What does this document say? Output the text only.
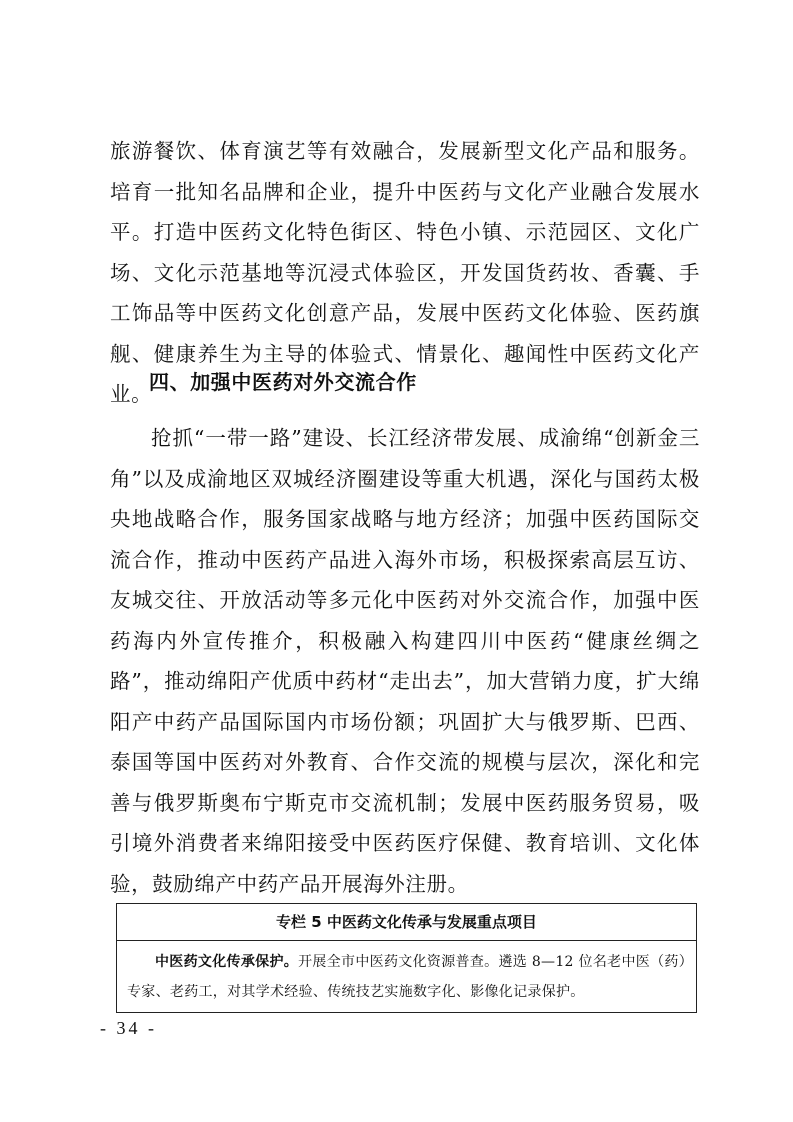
旅游餐饮、体育演艺等有效融合，发展新型文化产品和服务。培育一批知名品牌和企业，提升中医药与文化产业融合发展水平。打造中医药文化特色街区、特色小镇、示范园区、文化广场、文化示范基地等沉浸式体验区，开发国货药妆、香囊、手工饰品等中医药文化创意产品，发展中医药文化体验、医药旗舰、健康养生为主导的体验式、情景化、趣闻性中医药文化产业。

四、加强中医药对外交流合作

抢抓“一带一路”建设、长江经济带发展、成渝绵“创新金三角”以及成渝地区双城经济圈建设等重大机遇，深化与国药太极央地战略合作，服务国家战略与地方经济；加强中医药国际交流合作，推动中医药产品进入海外市场，积极探索高层互访、友城交往、开放活动等多元化中医药对外交流合作，加强中医药海内外宣传推介，积极融入构建四川中医药“健康丝绸之路”，推动绵阳产优质中药材“走出去”，加大营销力度，扩大绵阳产中药产品国际国内市场份额；巩固扩大与俄罗斯、巴西、泰国等国中医药对外教育、合作交流的规模与层次，深化和完善与俄罗斯奥布宁斯克市交流机制；发展中医药服务贸易，吸引境外消费者来绵阳接受中医药医疗保健、教育培训、文化体验，鼓励绵产中药产品开展海外注册。

专栏 5 中医药文化传承与发展重点项目
中医药文化传承保护。开展全市中医药文化资源普查。遴选 8—12 位名老中医（药）专家、老药工，对其学术经验、传统技艺实施数字化、影像化记录保护。
- 34 -
